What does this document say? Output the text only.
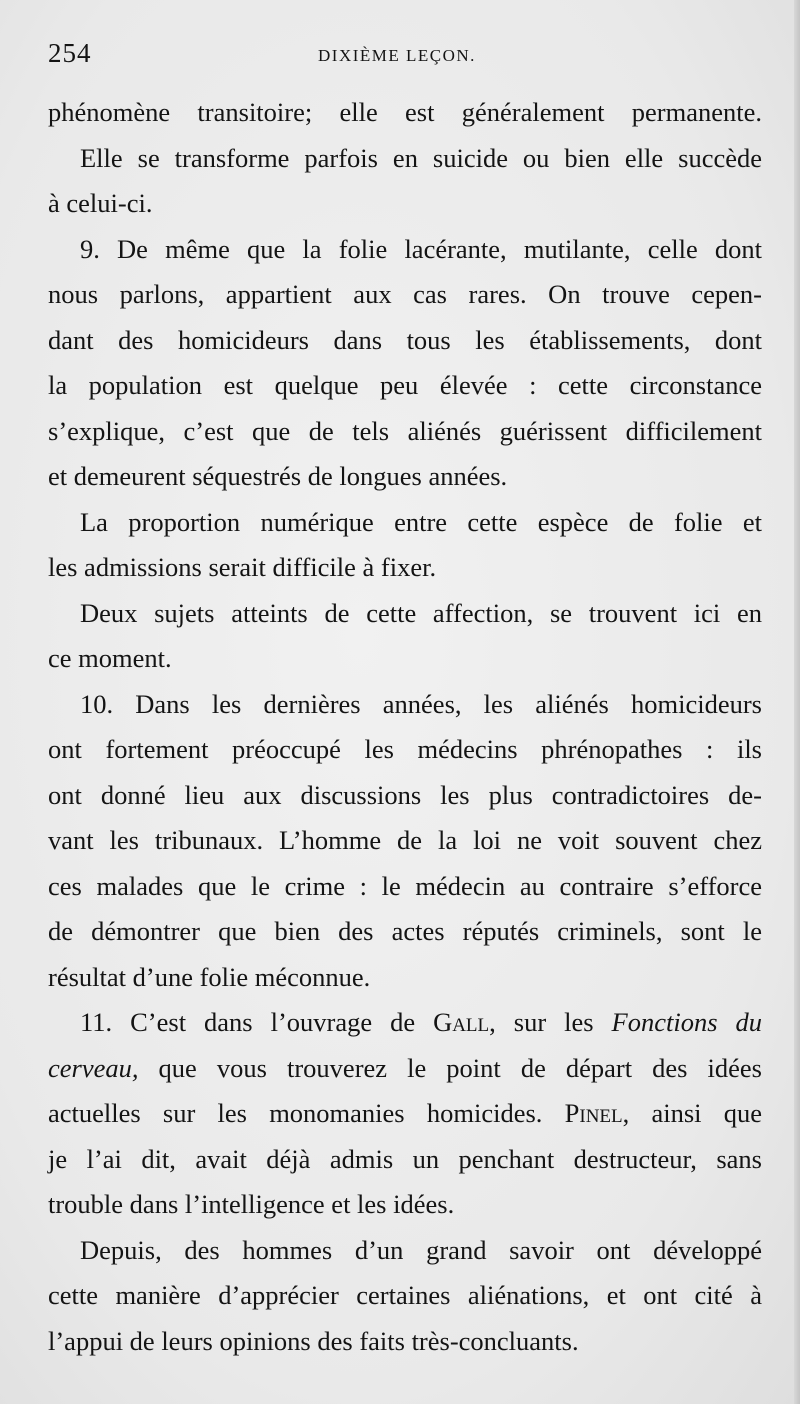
254	DIXIÈME LEÇON.
phénomène transitoire; elle est généralement permanente.
Elle se transforme parfois en suicide ou bien elle succède
à celui-ci.
9. De même que la folie lacérante, mutilante, celle dont
nous parlons, appartient aux cas rares. On trouve cepen-
dant des homicideurs dans tous les établissements, dont
la population est quelque peu élevée : cette circonstance
s’explique, c’est que de tels aliénés guérissent difficilement
et demeurent séquestrés de longues années.
La proportion numérique entre cette espèce de folie et
les admissions serait difficile à fixer.
Deux sujets atteints de cette affection, se trouvent ici en
ce moment.
10. Dans les dernières années, les aliénés homicideurs
ont fortement préoccupé les médecins phrénopathes : ils
ont donné lieu aux discussions les plus contradictoires de-
vant les tribunaux. L’homme de la loi ne voit souvent chez
ces malades que le crime : le médecin au contraire s’efforce
de démontrer que bien des actes réputés criminels, sont le
résultat d’une folie méconnue.
11. C’est dans l’ouvrage de Gall, sur les Fonctions du
cerveau, que vous trouverez le point de départ des idées
actuelles sur les monomanies homicides. Pinel, ainsi que
je l’ai dit, avait déjà admis un penchant destructeur, sans
trouble dans l’intelligence et les idées.
Depuis, des hommes d’un grand savoir ont développé
cette manière d’apprécier certaines aliénations, et ont cité à
l’appui de leurs opinions des faits très-concluants.
